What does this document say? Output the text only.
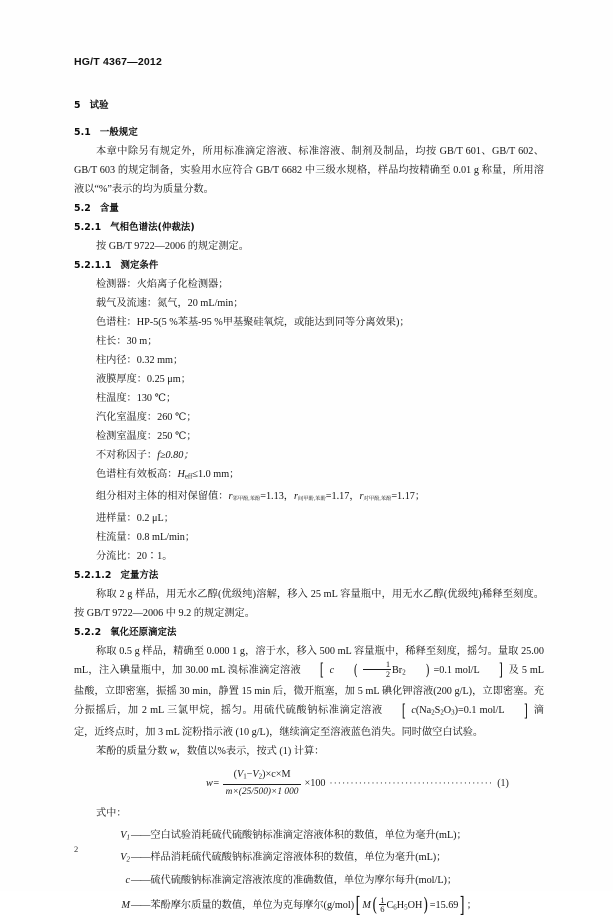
HG/T 4367—2012
5 试验
5.1 一般规定

本章中除另有规定外，所用标准滴定溶液、标准溶液、制剂及制品，均按 GB/T 601、GB/T 602、GB/T 603 的规定制备，实验用水应符合 GB/T 6682 中三级水规格，样品均按精确至 0.01 g 称量，所用溶液以“%”表示的均为质量分数。

5.2 含量
5.2.1 气相色谱法(仲裁法)

按 GB/T 9722—2006 的规定测定。

5.2.1.1 测定条件
检测器：火焰离子化检测器；
载气及流速：氮气，20 mL/min；
色谱柱：HP-5(5 %苯基-95 %甲基聚硅氧烷，或能达到同等分离效果)；
柱长：30 m；
柱内径：0.32 mm；
液膜厚度：0.25 μm；
柱温度：130 ℃；
汽化室温度：260 ℃；
检测室温度：250 ℃；
不对称因子：f≥0.80；
色谱柱有效板高：$H_{eff}\le 1.0$ mm；
组分相对主体的相对保留值：r邻甲酚,苯酚=1.13，r间甲酚,苯酚=1.17，r对甲酚,苯酚=1.17；
进样量：0.2 μL；
柱流量：0.8 mL/min；
分流比：20∶1。
5.2.1.2 定量方法

称取 2 g 样品，用无水乙醇(优级纯)溶解，移入 25 mL 容量瓶中，用无水乙醇(优级纯)稀释至刻度。按 GB/T 9722—2006 中 9.2 的规定测定。

5.2.2 氧化还原滴定法

称取 0.5 g 样品，精确至 0.000 1 g，溶于水，移入 500 mL 容量瓶中，稀释至刻度，摇匀。量取 25.00 mL，注入碘量瓶中，加 30.00 mL 溴标准滴定溶液 [ c ( $\frac{1}{2} Br_2$ ) =0.1 mol/L ] 及 5 mL 盐酸，立即密塞，振摇 30 min，静置 15 min 后，微开瓶塞，加 5 mL 碘化钾溶液(200 g/L)，立即密塞。充分振摇后，加 2 mL 三氯甲烷，摇匀。用硫代硫酸钠标准滴定溶液 [ $c(Na_2S_2O_3)=0.1$ mol/L ] 滴定，近终点时，加 3 mL 淀粉指示液 (10 g/L)，继续滴定至溶液蓝色消失。同时做空白试验。

苯酚的质量分数 w，数值以%表示，按式 (1) 计算：

$w= \frac{(V_1-V_2)\times c\times M}{m\times(25/500)\times 1 000} \times 100$ ······································· (1)
式中：
$V_1$ —— 空白试验消耗硫代硫酸钠标准滴定溶液体积的数值，单位为毫升(mL)；
$V_2$ —— 样品消耗硫代硫酸钠标准滴定溶液体积的数值，单位为毫升(mL)；
c —— 硫代硫酸钠标准滴定溶液浓度的准确数值，单位为摩尔每升(mol/L)；
M —— 苯酚摩尔质量的数值，单位为克每摩尔(g/mol)[ $M( \frac{1}{6} C_6H_5OH)=15.69$] ；
2
